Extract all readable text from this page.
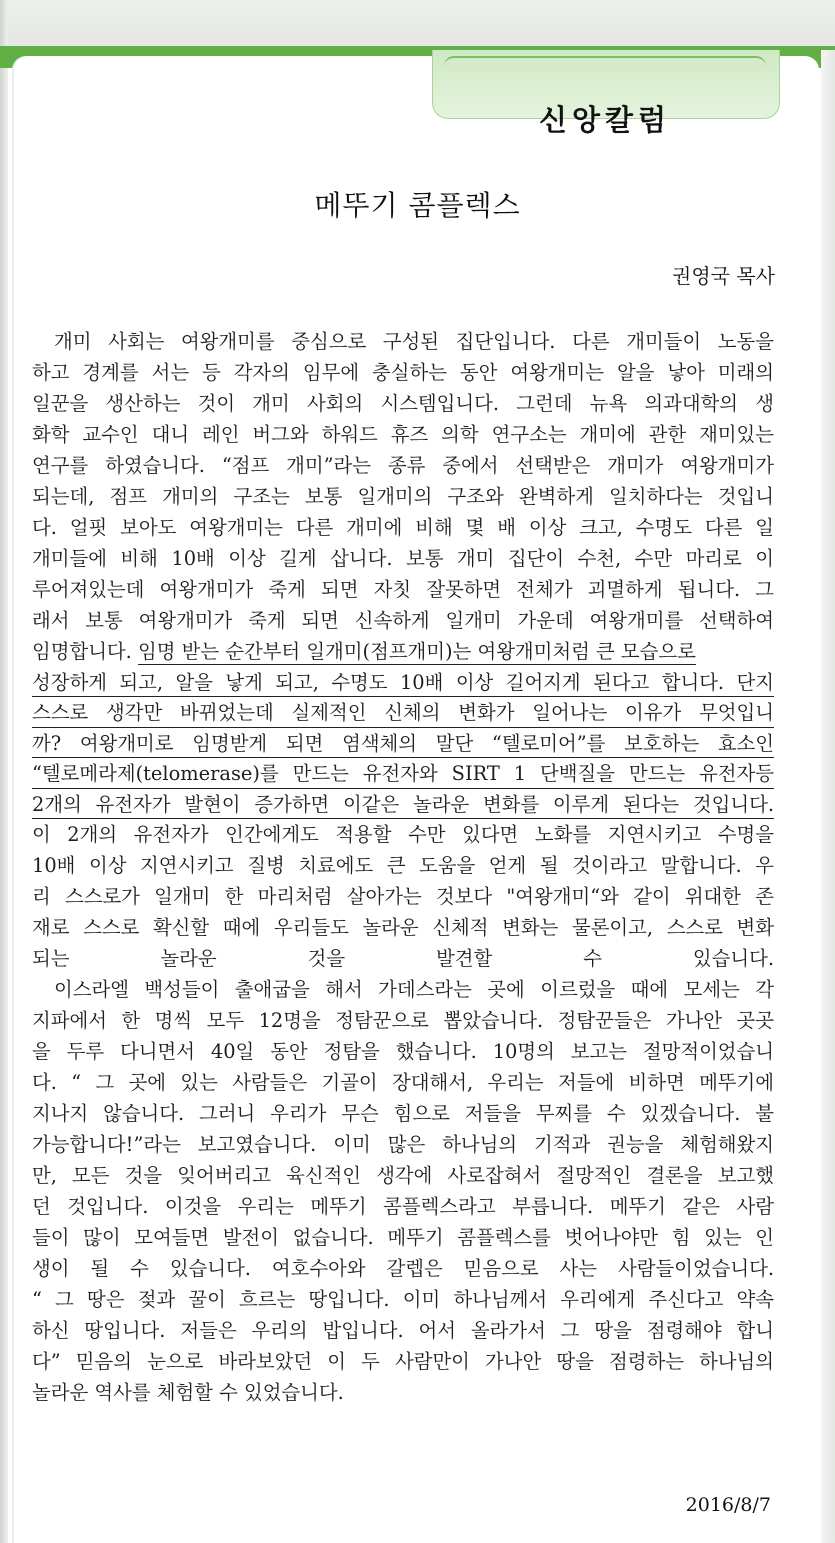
신앙칼럼
메뚜기 콤플렉스
권영국 목사
개미 사회는 여왕개미를 중심으로 구성된 집단입니다. 다른 개미들이 노동을
하고 경계를 서는 등 각자의 임무에 충실하는 동안 여왕개미는 알을 낳아 미래의
일꾼을 생산하는 것이 개미 사회의 시스템입니다. 그런데 뉴욕 의과대학의 생
화학 교수인 대니 레인 버그와 하워드 휴즈 의학 연구소는 개미에 관한 재미있는
연구를 하였습니다. “점프 개미”라는 종류 중에서 선택받은 개미가 여왕개미가
되는데, 점프 개미의 구조는 보통 일개미의 구조와 완벽하게 일치하다는 것입니
다. 얼핏 보아도 여왕개미는 다른 개미에 비해 몇 배 이상 크고, 수명도 다른 일
개미들에 비해 10배 이상 길게 삽니다. 보통 개미 집단이 수천, 수만 마리로 이
루어져있는데 여왕개미가 죽게 되면 자칫 잘못하면 전체가 괴멸하게 됩니다. 그
래서 보통 여왕개미가 죽게 되면 신속하게 일개미 가운데 여왕개미를 선택하여
임명합니다. 임명 받는 순간부터 일개미(점프개미)는 여왕개미처럼 큰 모습으로
성장하게 되고, 알을 낳게 되고, 수명도 10배 이상 길어지게 된다고 합니다. 단지
스스로 생각만 바뀌었는데 실제적인 신체의 변화가 일어나는 이유가 무엇입니
까? 여왕개미로 임명받게 되면 염색체의 말단 “텔로미어”를 보호하는 효소인
“텔로메라제(telomerase)를 만드는 유전자와 SIRT 1 단백질을 만드는 유전자등
2개의 유전자가 발현이 증가하면 이같은 놀라운 변화를 이루게 된다는 것입니다.
이 2개의 유전자가 인간에게도 적용할 수만 있다면 노화를 지연시키고 수명을
10배 이상 지연시키고 질병 치료에도 큰 도움을 얻게 될 것이라고 말합니다. 우
리 스스로가 일개미 한 마리처럼 살아가는 것보다 "여왕개미“와 같이 위대한 존
재로 스스로 확신할 때에 우리들도 놀라운 신체적 변화는 물론이고, 스스로 변화
되는 놀라운 것을 발견할 수 있습니다.
이스라엘 백성들이 출애굽을 해서 가데스라는 곳에 이르렀을 때에 모세는 각
지파에서 한 명씩 모두 12명을 정탐꾼으로 뽑았습니다. 정탐꾼들은 가나안 곳곳
을 두루 다니면서 40일 동안 정탐을 했습니다. 10명의 보고는 절망적이었습니
다. “ 그 곳에 있는 사람들은 기골이 장대해서, 우리는 저들에 비하면 메뚜기에
지나지 않습니다. 그러니 우리가 무슨 힘으로 저들을 무찌를 수 있겠습니다. 불
가능합니다!”라는 보고였습니다. 이미 많은 하나님의 기적과 권능을 체험해왔지
만, 모든 것을 잊어버리고 육신적인 생각에 사로잡혀서 절망적인 결론을 보고했
던 것입니다. 이것을 우리는 메뚜기 콤플렉스라고 부릅니다. 메뚜기 같은 사람
들이 많이 모여들면 발전이 없습니다. 메뚜기 콤플렉스를 벗어나야만 힘 있는 인
생이 될 수 있습니다. 여호수아와 갈렙은 믿음으로 사는 사람들이었습니다.
“ 그 땅은 젖과 꿀이 흐르는 땅입니다. 이미 하나님께서 우리에게 주신다고 약속
하신 땅입니다. 저들은 우리의 밥입니다. 어서 올라가서 그 땅을 점령해야 합니
다” 믿음의 눈으로 바라보았던 이 두 사람만이 가나안 땅을 점령하는 하나님의
놀라운 역사를 체험할 수 있었습니다.
2016/8/7
